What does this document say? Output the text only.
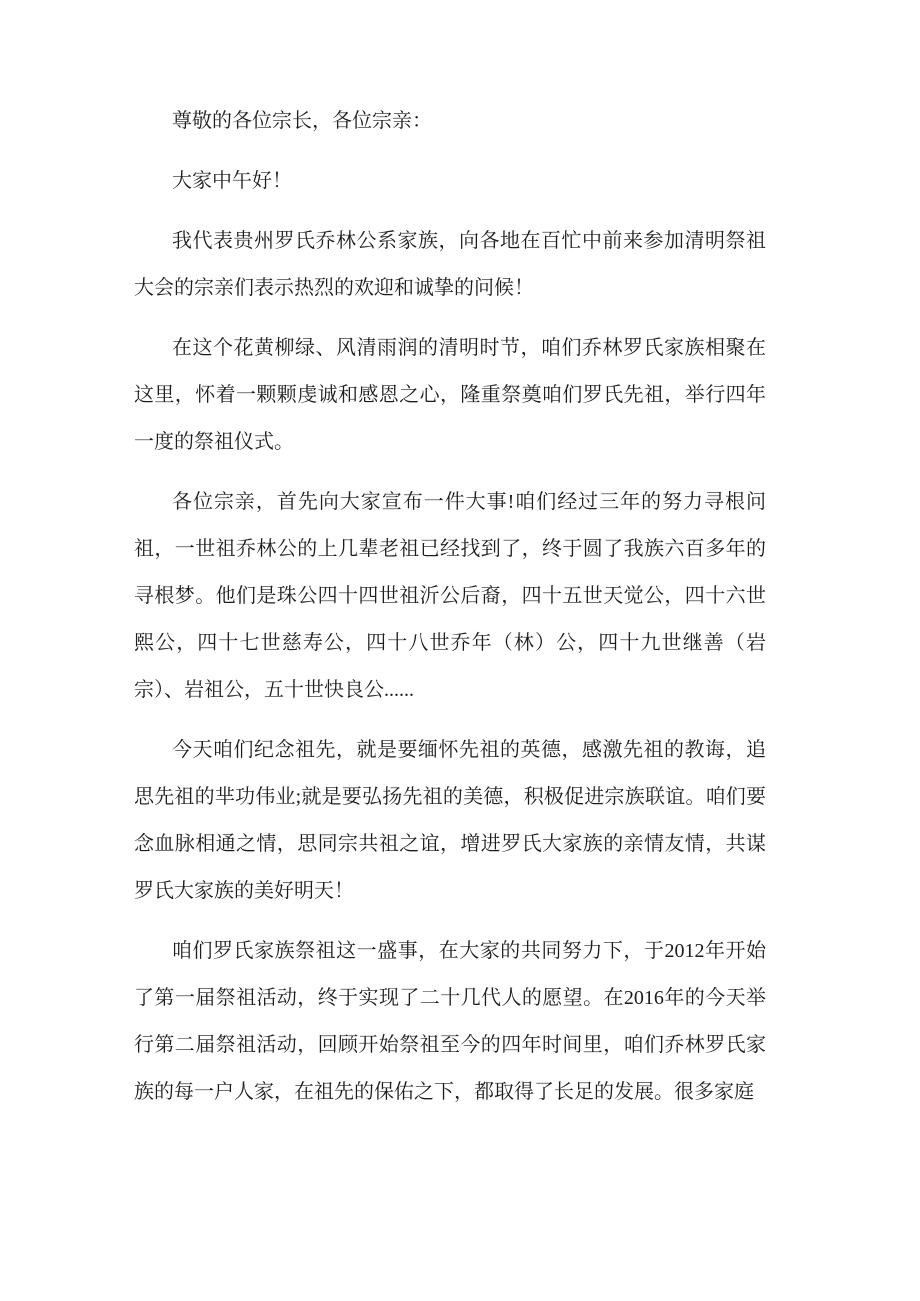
尊敬的各位宗长，各位宗亲：

大家中午好！

我代表贵州罗氏乔林公系家族，向各地在百忙中前来参加清明祭祖大会的宗亲们表示热烈的欢迎和诚挚的问候！

在这个花黄柳绿、风清雨润的清明时节，咱们乔林罗氏家族相聚在这里，怀着一颗颗虔诚和感恩之心，隆重祭奠咱们罗氏先祖，举行四年一度的祭祖仪式。

各位宗亲，首先向大家宣布一件大事!咱们经过三年的努力寻根问祖，一世祖乔林公的上几辈老祖已经找到了，终于圆了我族六百多年的寻根梦。他们是珠公四十四世祖沂公后裔，四十五世天觉公，四十六世熙公，四十七世慈寿公，四十八世乔年（林）公，四十九世继善（岩宗）、岩祖公，五十世快良公......

今天咱们纪念祖先，就是要缅怀先祖的英德，感激先祖的教诲，追思先祖的芈功伟业;就是要弘扬先祖的美德，积极促进宗族联谊。咱们要念血脉相通之情，思同宗共祖之谊，增进罗氏大家族的亲情友情，共谋罗氏大家族的美好明天！

咱们罗氏家族祭祖这一盛事，在大家的共同努力下，于2012年开始了第一届祭祖活动，终于实现了二十几代人的愿望。在2016年的今天举行第二届祭祖活动，回顾开始祭祖至今的四年时间里，咱们乔林罗氏家族的每一户人家，在祖先的保佑之下，都取得了长足的发展。很多家庭
